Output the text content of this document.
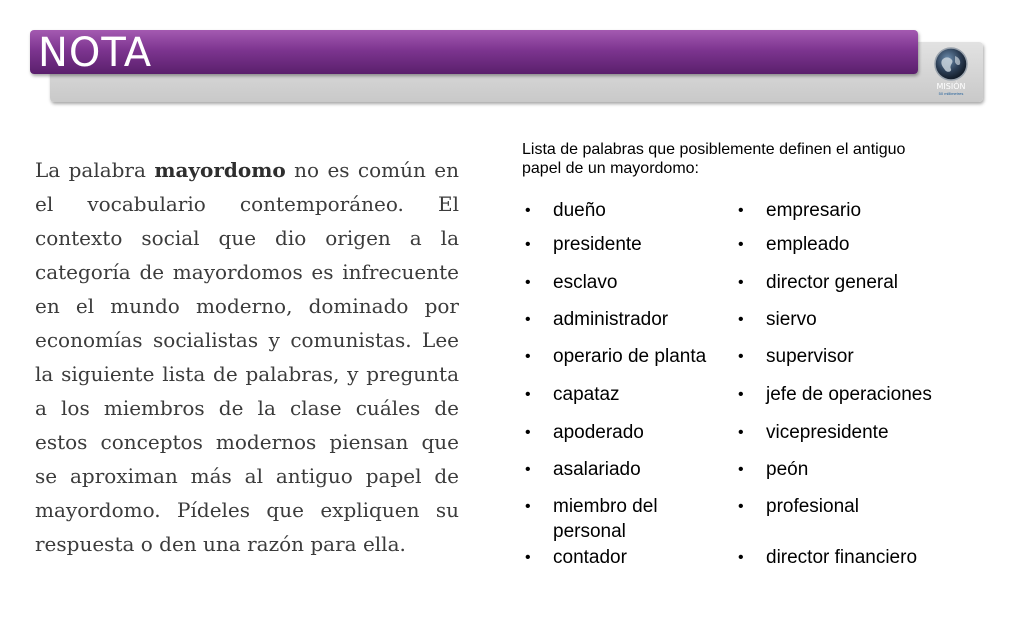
NOTA
MISIÓN
50 millimetres
La palabra mayordomo no es común en el vocabulario contemporáneo. El contexto social que dio origen a la categoría de mayordomos es infrecuente en el mundo moderno, dominado por economías socialistas y comunistas. Lee la siguiente lista de palabras, y pregunta a los miembros de la clase cuáles de estos conceptos modernos piensan que se aproximan más al antiguo papel de mayordomo. Pídeles que expliquen su respuesta o den una razón para ella.
Lista de palabras que posiblemente definen el antiguo papel de un mayordomo:
• dueño
• presidente
• esclavo
• administrador
• operario de planta
• capataz
• apoderado
• asalariado
• miembro del personal
• contador
• empresario
• empleado
• director general
• siervo
• supervisor
• jefe de operaciones
• vicepresidente
• peón
• profesional
• director financiero
